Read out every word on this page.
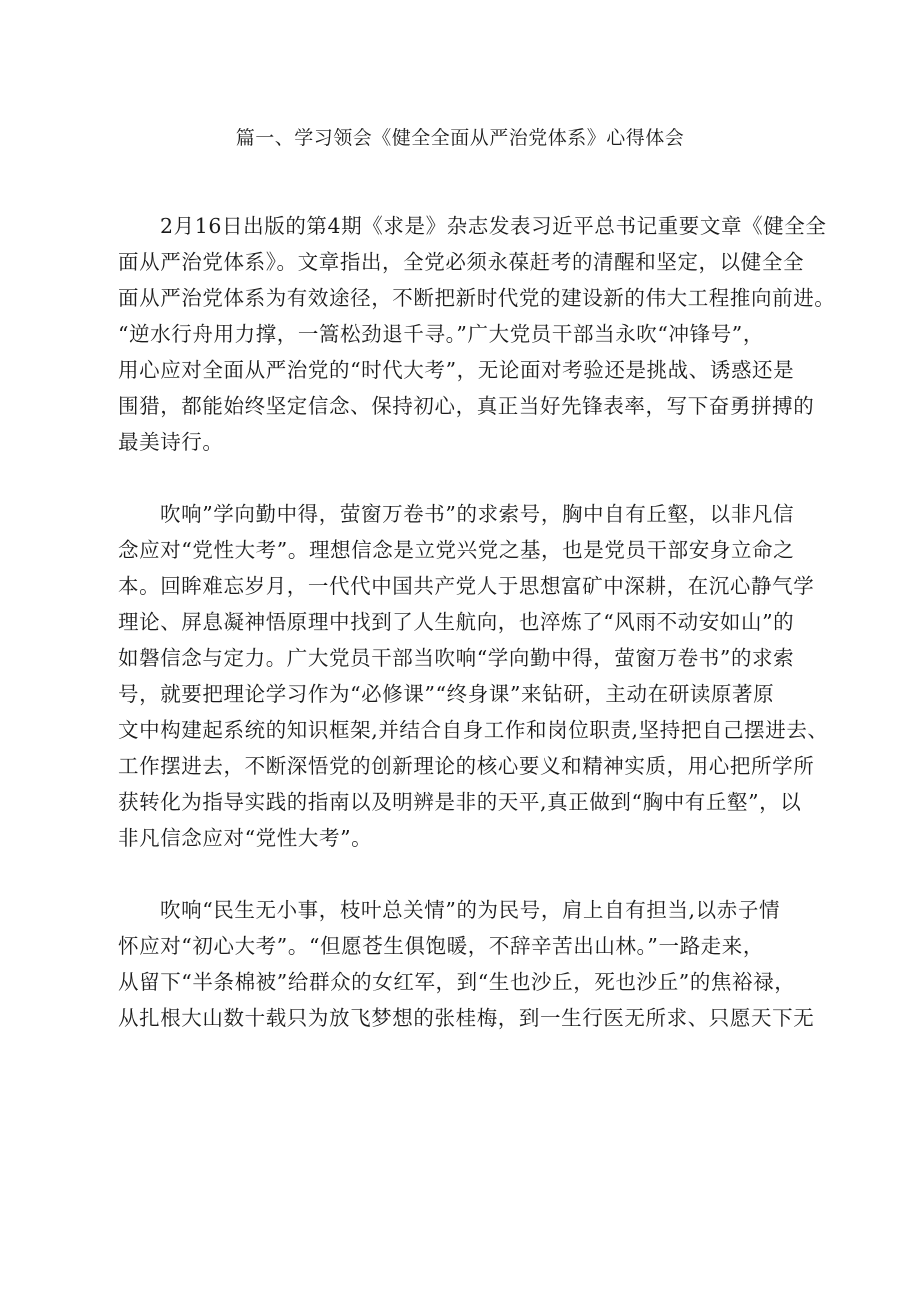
篇一、学习领会《健全全面从严治党体系》心得体会
2月16日出版的第4期《求是》杂志发表习近平总书记重要文章《健全全
面从严治党体系》。文章指出，全党必须永葆赶考的清醒和坚定，以健全全
面从严治党体系为有效途径，不断把新时代党的建设新的伟大工程推向前进。
“逆水行舟用力撑，一篙松劲退千寻。”广大党员干部当永吹“冲锋号”，
用心应对全面从严治党的“时代大考”，无论面对考验还是挑战、诱惑还是
围猎，都能始终坚定信念、保持初心，真正当好先锋表率，写下奋勇拼搏的
最美诗行。
吹响”学向勤中得，萤窗万卷书”的求索号，胸中自有丘壑，以非凡信
念应对“党性大考”。理想信念是立党兴党之基，也是党员干部安身立命之
本。回眸难忘岁月，一代代中国共产党人于思想富矿中深耕，在沉心静气学
理论、屏息凝神悟原理中找到了人生航向，也淬炼了“风雨不动安如山”的
如磐信念与定力。广大党员干部当吹响“学向勤中得，萤窗万卷书”的求索
号，就要把理论学习作为“必修课”“终身课”来钻研，主动在研读原著原
文中构建起系统的知识框架,并结合自身工作和岗位职责,坚持把自己摆进去、
工作摆进去，不断深悟党的创新理论的核心要义和精神实质，用心把所学所
获转化为指导实践的指南以及明辨是非的天平,真正做到“胸中有丘壑”，以
非凡信念应对“党性大考”。
吹响“民生无小事，枝叶总关情”的为民号，肩上自有担当,以赤子情
怀应对“初心大考”。“但愿苍生俱饱暖，不辞辛苦出山林。”一路走来，
从留下“半条棉被”给群众的女红军，到“生也沙丘，死也沙丘”的焦裕禄，
从扎根大山数十载只为放飞梦想的张桂梅，到一生行医无所求、只愿天下无
